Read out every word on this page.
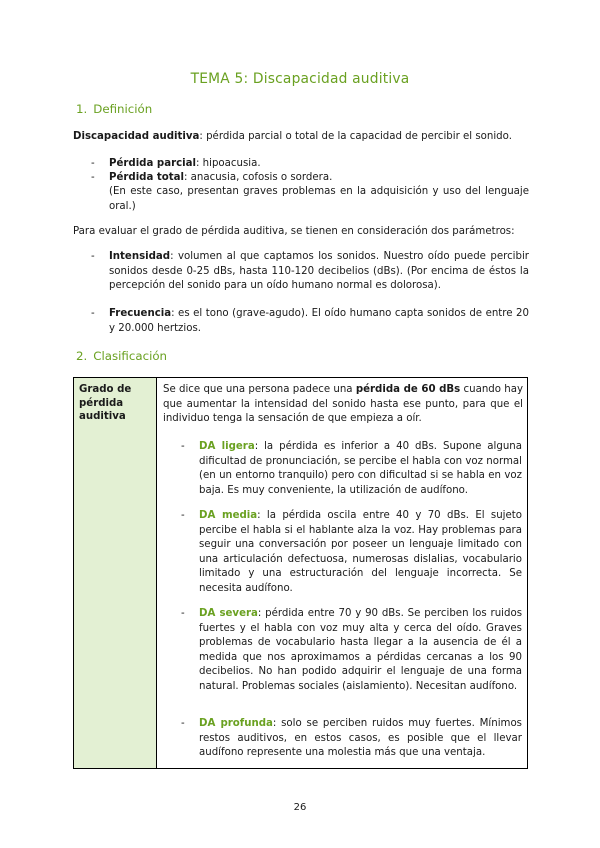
TEMA 5: Discapacidad auditiva
1. Definición
Discapacidad auditiva: pérdida parcial o total de la capacidad de percibir el sonido.
- Pérdida parcial: hipoacusia.
- Pérdida total: anacusia, cofosis o sordera.
(En este caso, presentan graves problemas en la adquisición y uso del lenguaje oral.)
Para evaluar el grado de pérdida auditiva, se tienen en consideración dos parámetros:
- Intensidad: volumen al que captamos los sonidos. Nuestro oído puede percibir sonidos desde 0-25 dBs, hasta 110-120 decibelios (dBs). (Por encima de éstos la percepción del sonido para un oído humano normal es dolorosa).
- Frecuencia: es el tono (grave-agudo). El oído humano capta sonidos de entre 20 y 20.000 hertzios.
2. Clasificación
Grado de pérdida auditiva

Se dice que una persona padece una pérdida de 60 dBs cuando hay que aumentar la intensidad del sonido hasta ese punto, para que el individuo tenga la sensación de que empieza a oír.
- DA ligera: la pérdida es inferior a 40 dBs. Supone alguna dificultad de pronunciación, se percibe el habla con voz normal (en un entorno tranquilo) pero con dificultad si se habla en voz baja. Es muy conveniente, la utilización de audífono.
- DA media: la pérdida oscila entre 40 y 70 dBs. El sujeto percibe el habla si el hablante alza la voz. Hay problemas para seguir una conversación por poseer un lenguaje limitado con una articulación defectuosa, numerosas dislalias, vocabulario limitado y una estructuración del lenguaje incorrecta. Se necesita audífono.
- DA severa: pérdida entre 70 y 90 dBs. Se perciben los ruidos fuertes y el habla con voz muy alta y cerca del oído. Graves problemas de vocabulario hasta llegar a la ausencia de él a medida que nos aproximamos a pérdidas cercanas a los 90 decibelios. No han podido adquirir el lenguaje de una forma natural. Problemas sociales (aislamiento). Necesitan audífono.
- DA profunda: solo se perciben ruidos muy fuertes. Mínimos restos auditivos, en estos casos, es posible que el llevar audífono represente una molestia más que una ventaja.
26
